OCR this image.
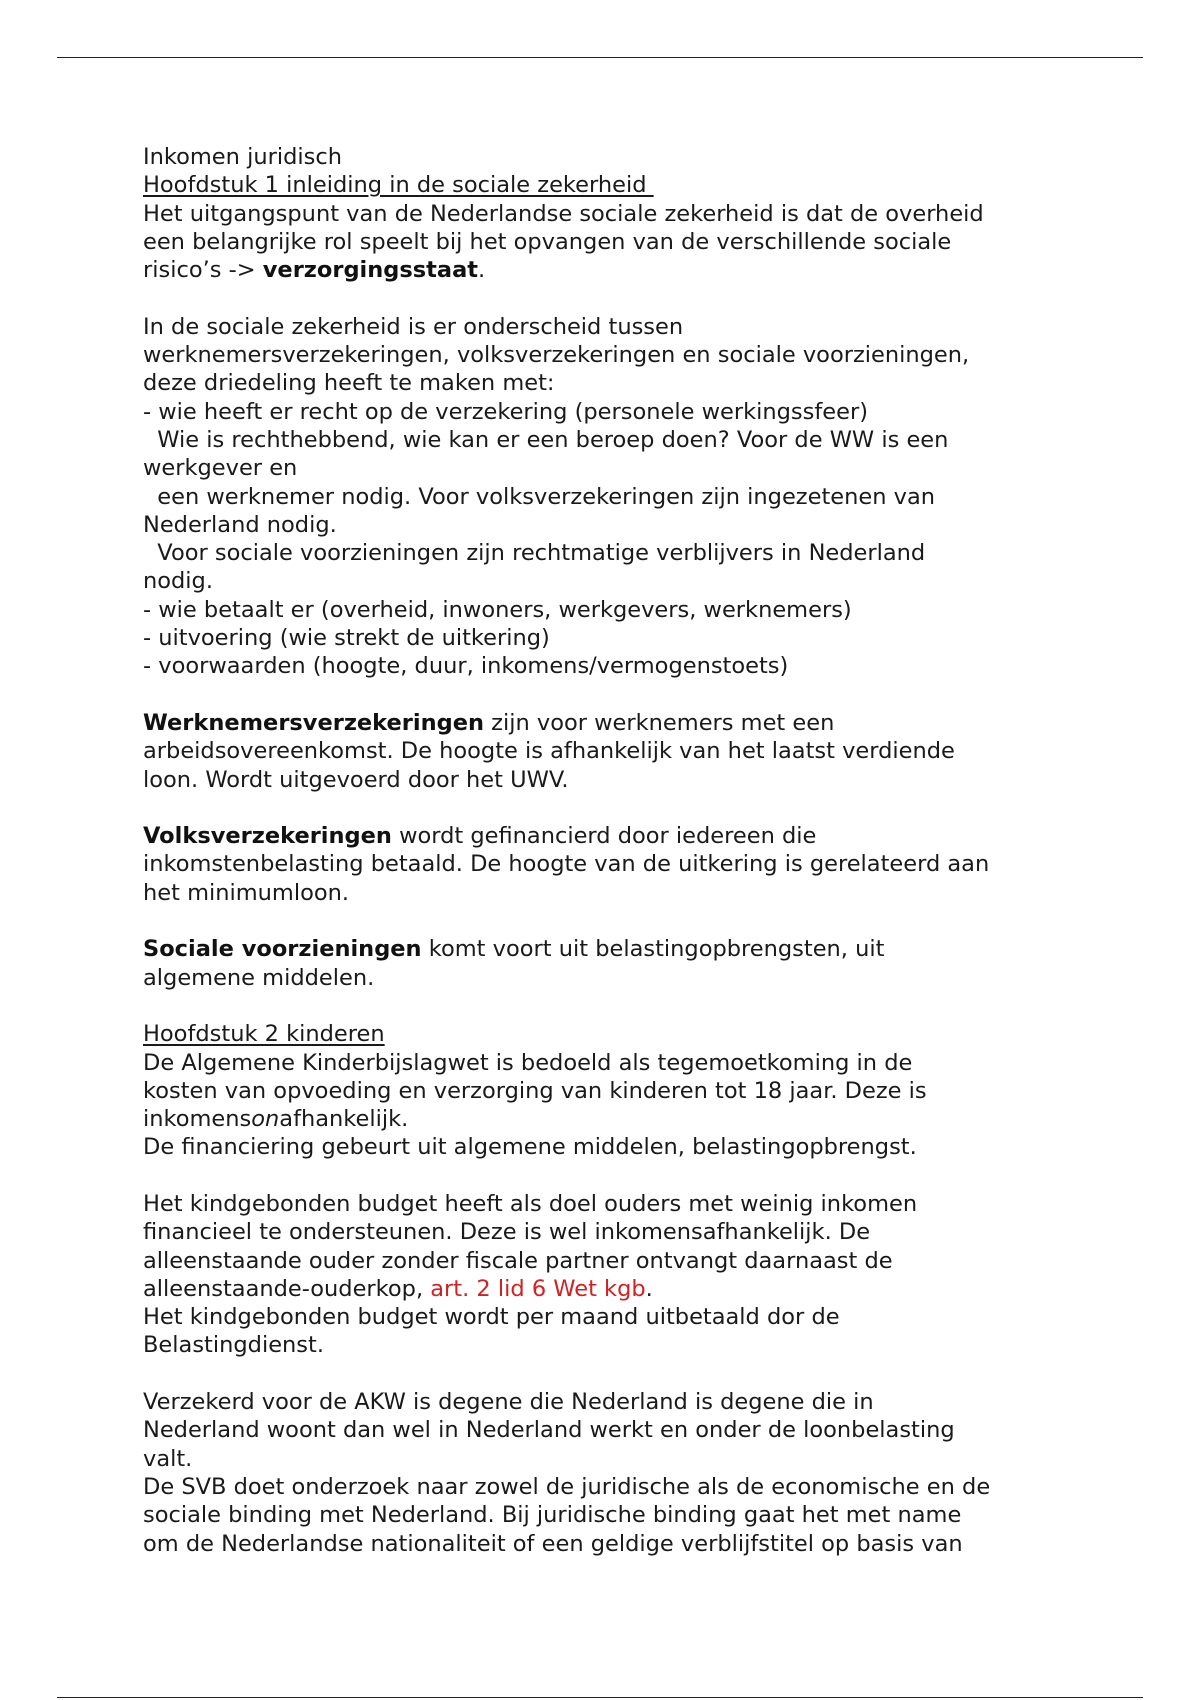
Inkomen juridisch
Hoofdstuk 1 inleiding in de sociale zekerheid
Het uitgangspunt van de Nederlandse sociale zekerheid is dat de overheid
een belangrijke rol speelt bij het opvangen van de verschillende sociale
risico’s -> verzorgingsstaat.
In de sociale zekerheid is er onderscheid tussen
werknemersverzekeringen, volksverzekeringen en sociale voorzieningen,
deze driedeling heeft te maken met:
- wie heeft er recht op de verzekering (personele werkingssfeer)
Wie is rechthebbend, wie kan er een beroep doen? Voor de WW is een
werkgever en
een werknemer nodig. Voor volksverzekeringen zijn ingezetenen van
Nederland nodig.
Voor sociale voorzieningen zijn rechtmatige verblijvers in Nederland
nodig.
- wie betaalt er (overheid, inwoners, werkgevers, werknemers)
- uitvoering (wie strekt de uitkering)
- voorwaarden (hoogte, duur, inkomens/vermogenstoets)
Werknemersverzekeringen zijn voor werknemers met een
arbeidsovereenkomst. De hoogte is afhankelijk van het laatst verdiende
loon. Wordt uitgevoerd door het UWV.
Volksverzekeringen wordt gefinancierd door iedereen die
inkomstenbelasting betaald. De hoogte van de uitkering is gerelateerd aan
het minimumloon.
Sociale voorzieningen komt voort uit belastingopbrengsten, uit
algemene middelen.
Hoofdstuk 2 kinderen
De Algemene Kinderbijslagwet is bedoeld als tegemoetkoming in de
kosten van opvoeding en verzorging van kinderen tot 18 jaar. Deze is
inkomensonafhankelijk.
De financiering gebeurt uit algemene middelen, belastingopbrengst.
Het kindgebonden budget heeft als doel ouders met weinig inkomen
financieel te ondersteunen. Deze is wel inkomensafhankelijk. De
alleenstaande ouder zonder fiscale partner ontvangt daarnaast de
alleenstaande-ouderkop, art. 2 lid 6 Wet kgb.
Het kindgebonden budget wordt per maand uitbetaald dor de
Belastingdienst.
Verzekerd voor de AKW is degene die Nederland is degene die in
Nederland woont dan wel in Nederland werkt en onder de loonbelasting
valt.
De SVB doet onderzoek naar zowel de juridische als de economische en de
sociale binding met Nederland. Bij juridische binding gaat het met name
om de Nederlandse nationaliteit of een geldige verblijfstitel op basis van
